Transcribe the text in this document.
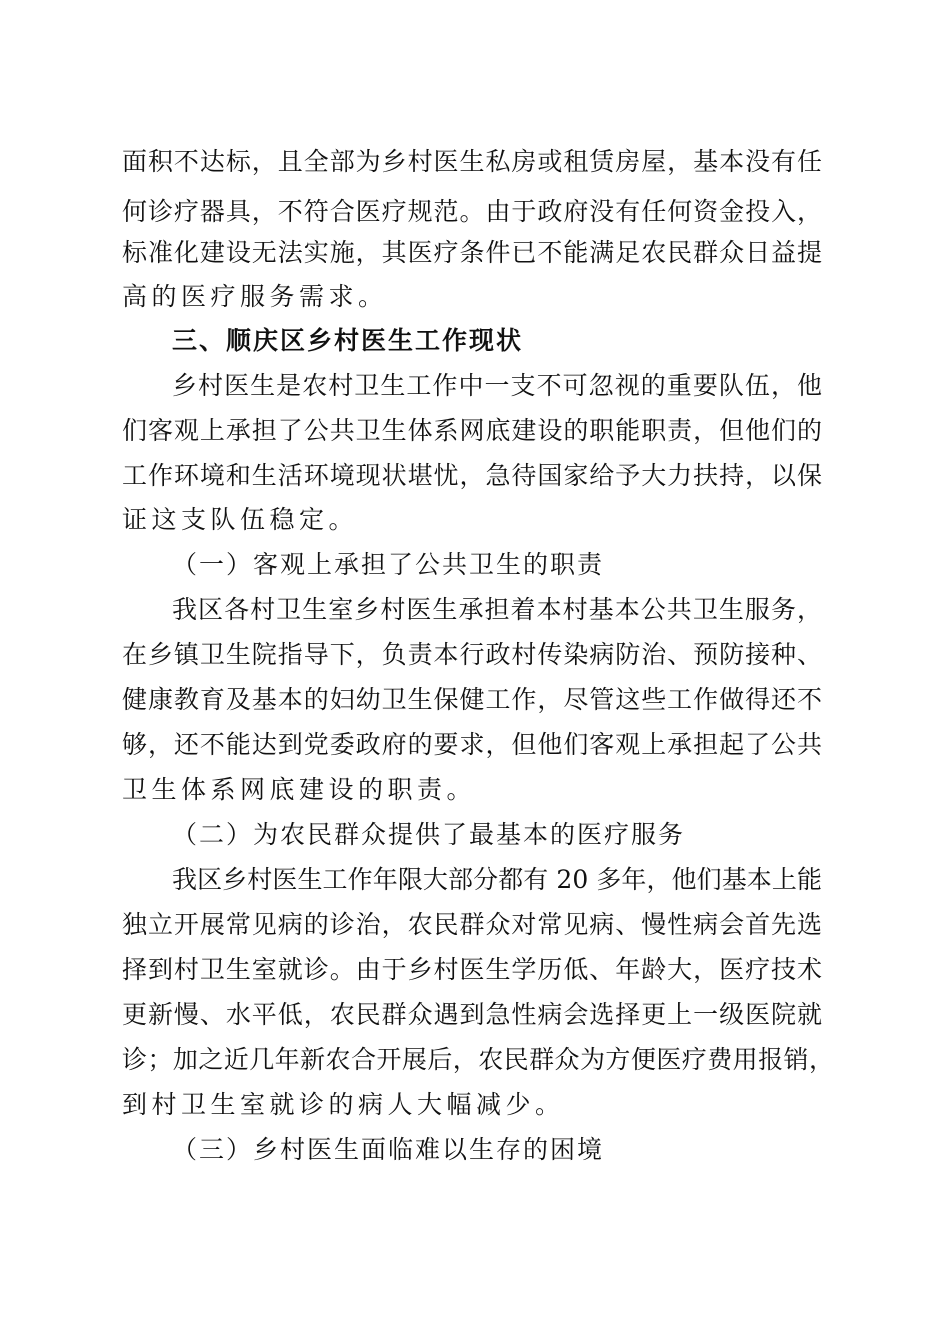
面积不达标，且全部为乡村医生私房或租赁房屋，基本没有任
何诊疗器具，不符合医疗规范。由于政府没有任何资金投入，
标准化建设无法实施，其医疗条件已不能满足农民群众日益提
高的医疗服务需求。
三、顺庆区乡村医生工作现状
乡村医生是农村卫生工作中一支不可忽视的重要队伍，他
们客观上承担了公共卫生体系网底建设的职能职责，但他们的
工作环境和生活环境现状堪忧，急待国家给予大力扶持，以保
证这支队伍稳定。
（一）客观上承担了公共卫生的职责
我区各村卫生室乡村医生承担着本村基本公共卫生服务，
在乡镇卫生院指导下，负责本行政村传染病防治、预防接种、
健康教育及基本的妇幼卫生保健工作，尽管这些工作做得还不
够，还不能达到党委政府的要求，但他们客观上承担起了公共
卫生体系网底建设的职责。
（二）为农民群众提供了最基本的医疗服务
我区乡村医生工作年限大部分都有 20 多年，他们基本上能
独立开展常见病的诊治，农民群众对常见病、慢性病会首先选
择到村卫生室就诊。由于乡村医生学历低、年龄大，医疗技术
更新慢、水平低，农民群众遇到急性病会选择更上一级医院就
诊；加之近几年新农合开展后，农民群众为方便医疗费用报销，
到村卫生室就诊的病人大幅减少。
（三）乡村医生面临难以生存的困境
